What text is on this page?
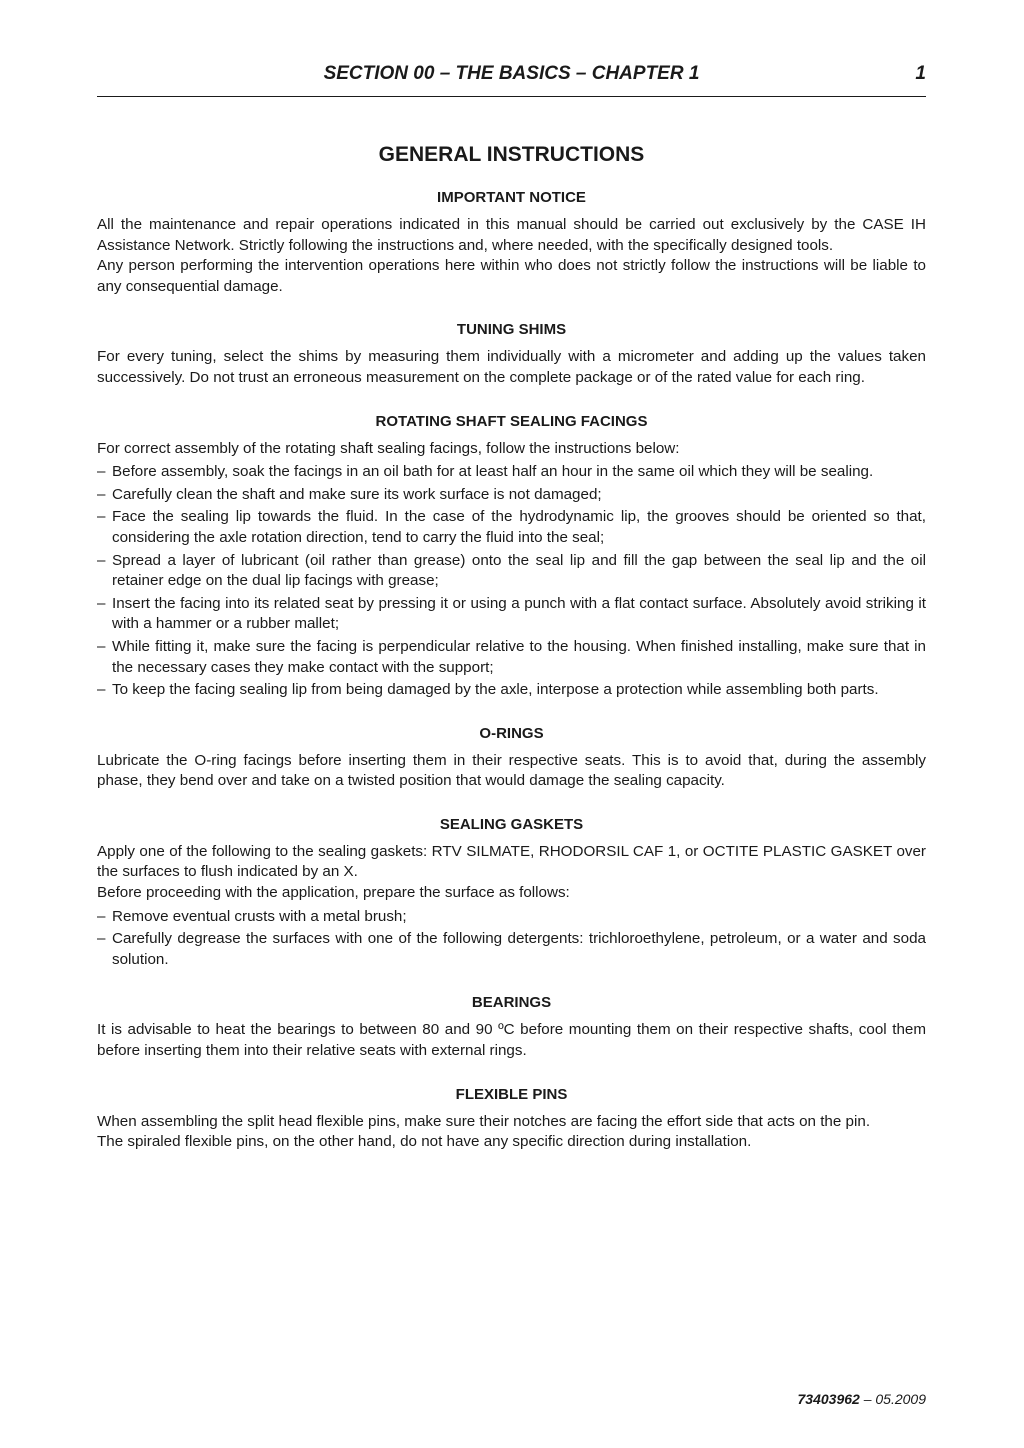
SECTION 00 – THE BASICS – CHAPTER 1	1
GENERAL INSTRUCTIONS
IMPORTANT NOTICE

All the maintenance and repair operations indicated in this manual should be carried out exclusively by the CASE IH Assistance Network. Strictly following the instructions and, where needed, with the specifically designed tools.

Any person performing the intervention operations here within who does not strictly follow the instructions will be liable to any consequential damage.

TUNING SHIMS

For every tuning, select the shims by measuring them individually with a micrometer and adding up the values taken successively. Do not trust an erroneous measurement on the complete package or of the rated value for each ring.

ROTATING SHAFT SEALING FACINGS

For correct assembly of the rotating shaft sealing facings, follow the instructions below:

– Before assembly, soak the facings in an oil bath for at least half an hour in the same oil which they will be sealing.
– Carefully clean the shaft and make sure its work surface is not damaged;
– Face the sealing lip towards the fluid. In the case of the hydrodynamic lip, the grooves should be oriented so that, considering the axle rotation direction, tend to carry the fluid into the seal;
– Spread a layer of lubricant (oil rather than grease) onto the seal lip and fill the gap between the seal lip and the oil retainer edge on the dual lip facings with grease;
– Insert the facing into its related seat by pressing it or using a punch with a flat contact surface. Absolutely avoid striking it with a hammer or a rubber mallet;
– While fitting it, make sure the facing is perpendicular relative to the housing. When finished installing, make sure that in the necessary cases they make contact with the support;
– To keep the facing sealing lip from being damaged by the axle, interpose a protection while assembling both parts.
O-RINGS

Lubricate the O-ring facings before inserting them in their respective seats. This is to avoid that, during the assembly phase, they bend over and take on a twisted position that would damage the sealing capacity.

SEALING GASKETS

Apply one of the following to the sealing gaskets: RTV SILMATE, RHODORSIL CAF 1, or OCTITE PLASTIC GASKET over the surfaces to flush indicated by an X.

Before proceeding with the application, prepare the surface as follows:

– Remove eventual crusts with a metal brush;
– Carefully degrease the surfaces with one of the following detergents: trichloroethylene, petroleum, or a water and soda solution.
BEARINGS

It is advisable to heat the bearings to between 80 and 90 ºC before mounting them on their respective shafts, cool them before inserting them into their relative seats with external rings.

FLEXIBLE PINS

When assembling the split head flexible pins, make sure their notches are facing the effort side that acts on the pin.

The spiraled flexible pins, on the other hand, do not have any specific direction during installation.

73403962 – 05.2009
